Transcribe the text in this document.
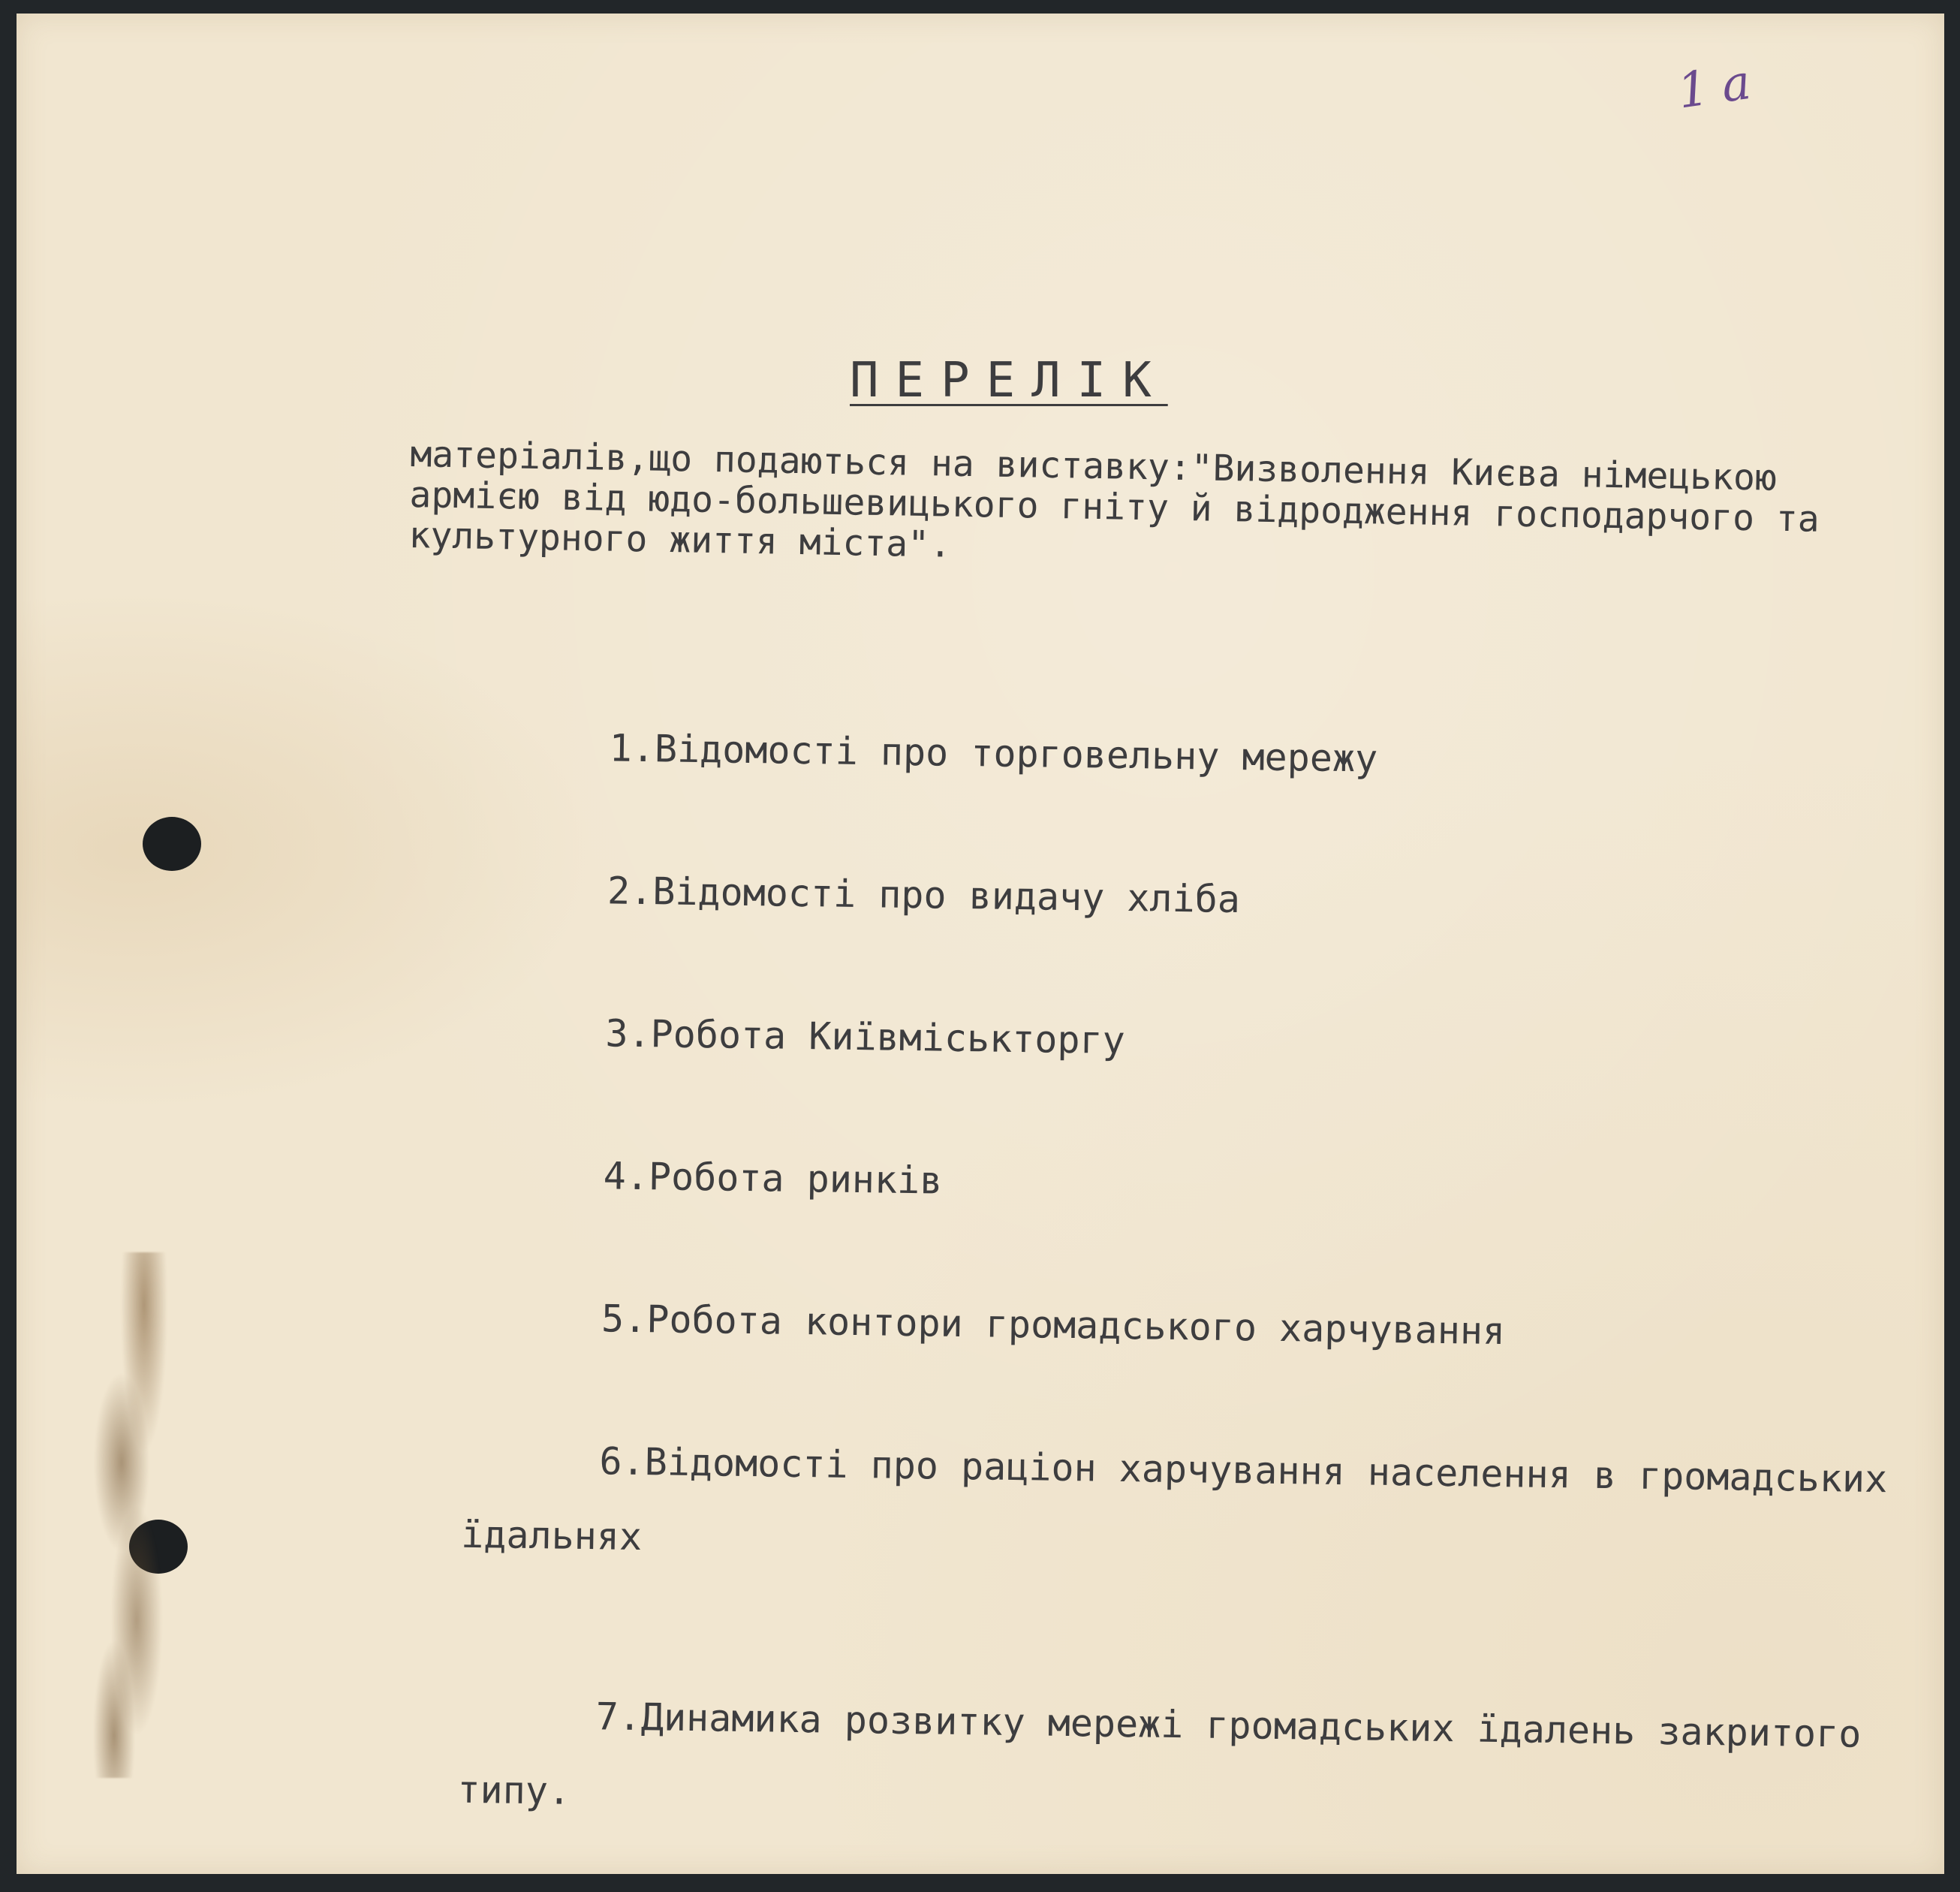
1a
ПЕРЕЛІК
матеріалів,що подаються на виставку:"Визволення Києва німецькою армією від юдо-большевицького гніту й відродження господарчого та культурного життя міста".

1.Відомості про торговельну мережу

2.Відомості про видачу хліба

3.Робота Київміськторгу

4.Робота ринків

5.Робота контори громадського харчування

6.Відомості про раціон харчування населення в громадських

їдальнях

7.Динамика розвитку мережі громадських їдалень закритого

типу.
